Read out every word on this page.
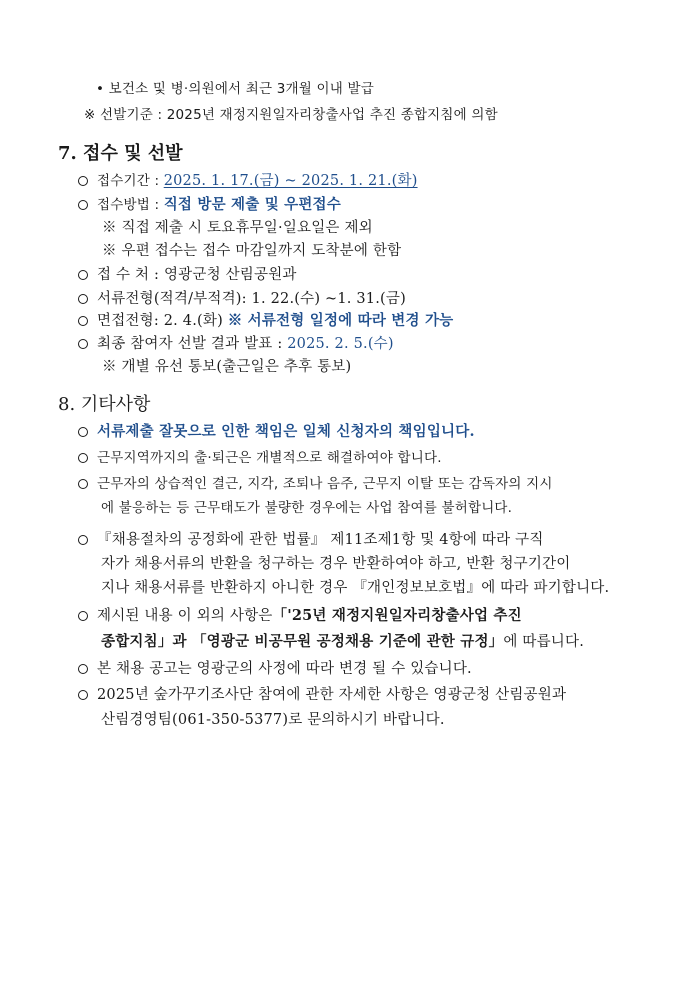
• 보건소 및 병·의원에서 최근 3개월 이내 발급
※ 선발기준 : 2025년 재정지원일자리창출사업 추진 종합지침에 의함
7. 접수 및 선발
접수기간 : 2025. 1. 17.(금) ~ 2025. 1. 21.(화)
접수방법 : 직접 방문 제출 및 우편접수
※ 직접 제출 시 토요휴무일·일요일은 제외
※ 우편 접수는 접수 마감일까지 도착분에 한함
접 수 처 : 영광군청 산림공원과
서류전형(적격/부적격): 1. 22.(수) ~1. 31.(금)
면접전형: 2. 4.(화) ※ 서류전형 일정에 따라 변경 가능
최종 참여자 선발 결과 발표 : 2025. 2. 5.(수)
※ 개별 유선 통보(출근일은 추후 통보)
8. 기타사항
서류제출 잘못으로 인한 책임은 일체 신청자의 책임입니다.
근무지역까지의 출·퇴근은 개별적으로 해결하여야 합니다.
근무자의 상습적인 결근, 지각, 조퇴나 음주, 근무지 이탈 또는 감독자의 지시
에 불응하는 등 근무태도가 불량한 경우에는 사업 참여를 불허합니다.
『채용절차의 공정화에 관한 법률』 제11조제1항 및 4항에 따라 구직
자가 채용서류의 반환을 청구하는 경우 반환하여야 하고, 반환 청구기간이
지나 채용서류를 반환하지 아니한 경우 『개인정보보호법』에 따라 파기합니다.
제시된 내용 이 외의 사항은「'25년 재정지원일자리창출사업 추진
종합지침」과 「영광군 비공무원 공정채용 기준에 관한 규정」에 따릅니다.
본 채용 공고는 영광군의 사정에 따라 변경 될 수 있습니다.
2025년 숲가꾸기조사단 참여에 관한 자세한 사항은 영광군청 산림공원과
산림경영팀(061-350-5377)로 문의하시기 바랍니다.
